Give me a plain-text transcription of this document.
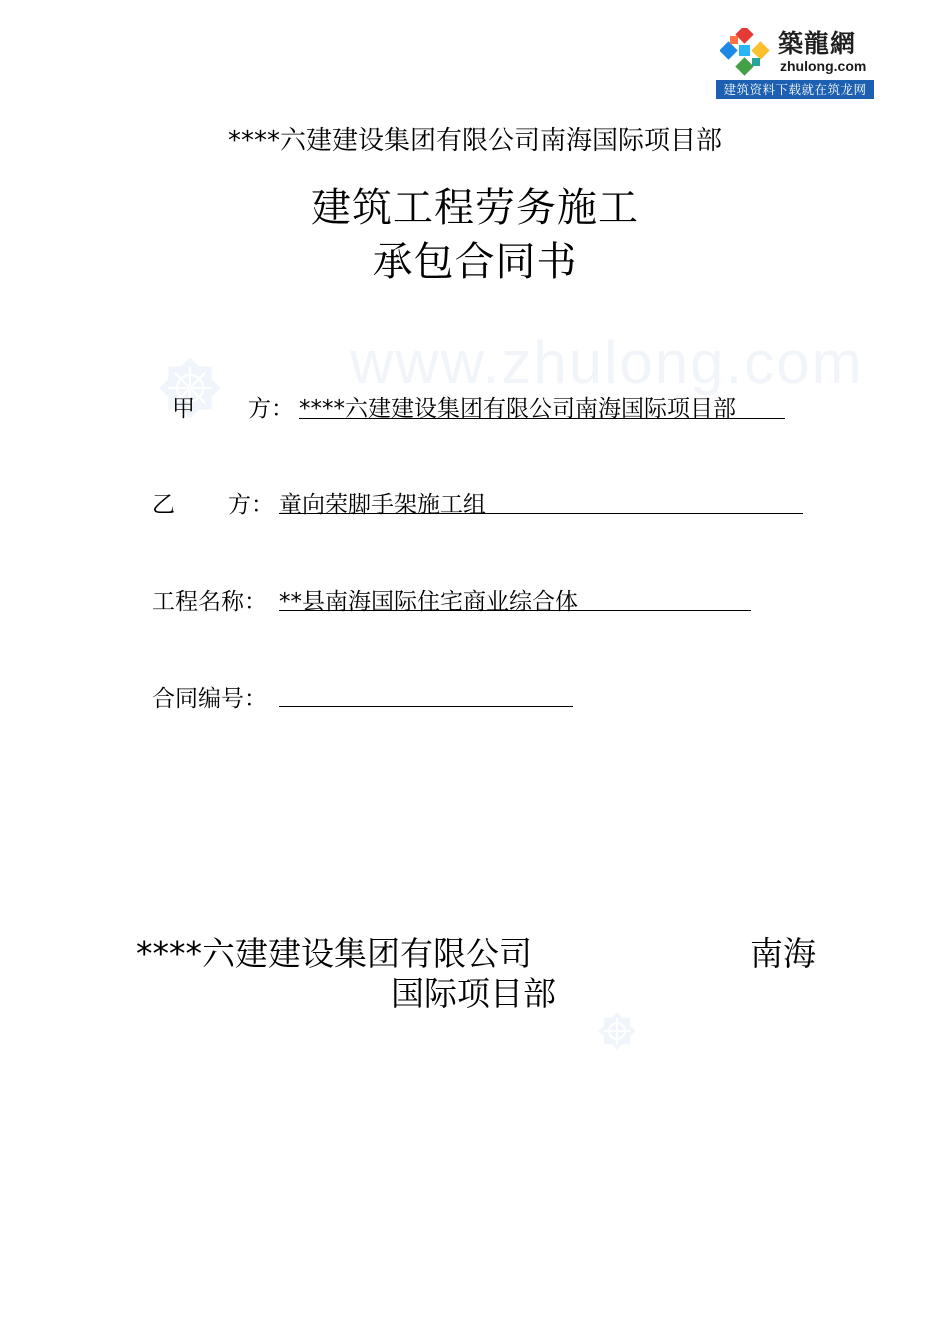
築龍網
zhulong.com
建筑资料下载就在筑龙网
www.zhulong.com
****六建建设集团有限公司南海国际项目部
建筑工程劳务施工
承包合同书
甲 方： ****六建建设集团有限公司南海国际项目部
乙 方： 童向荣脚手架施工组
工程名称： **县南海国际住宅商业综合体
合同编号：
****六建建设集团有限公司	南海
国际项目部
